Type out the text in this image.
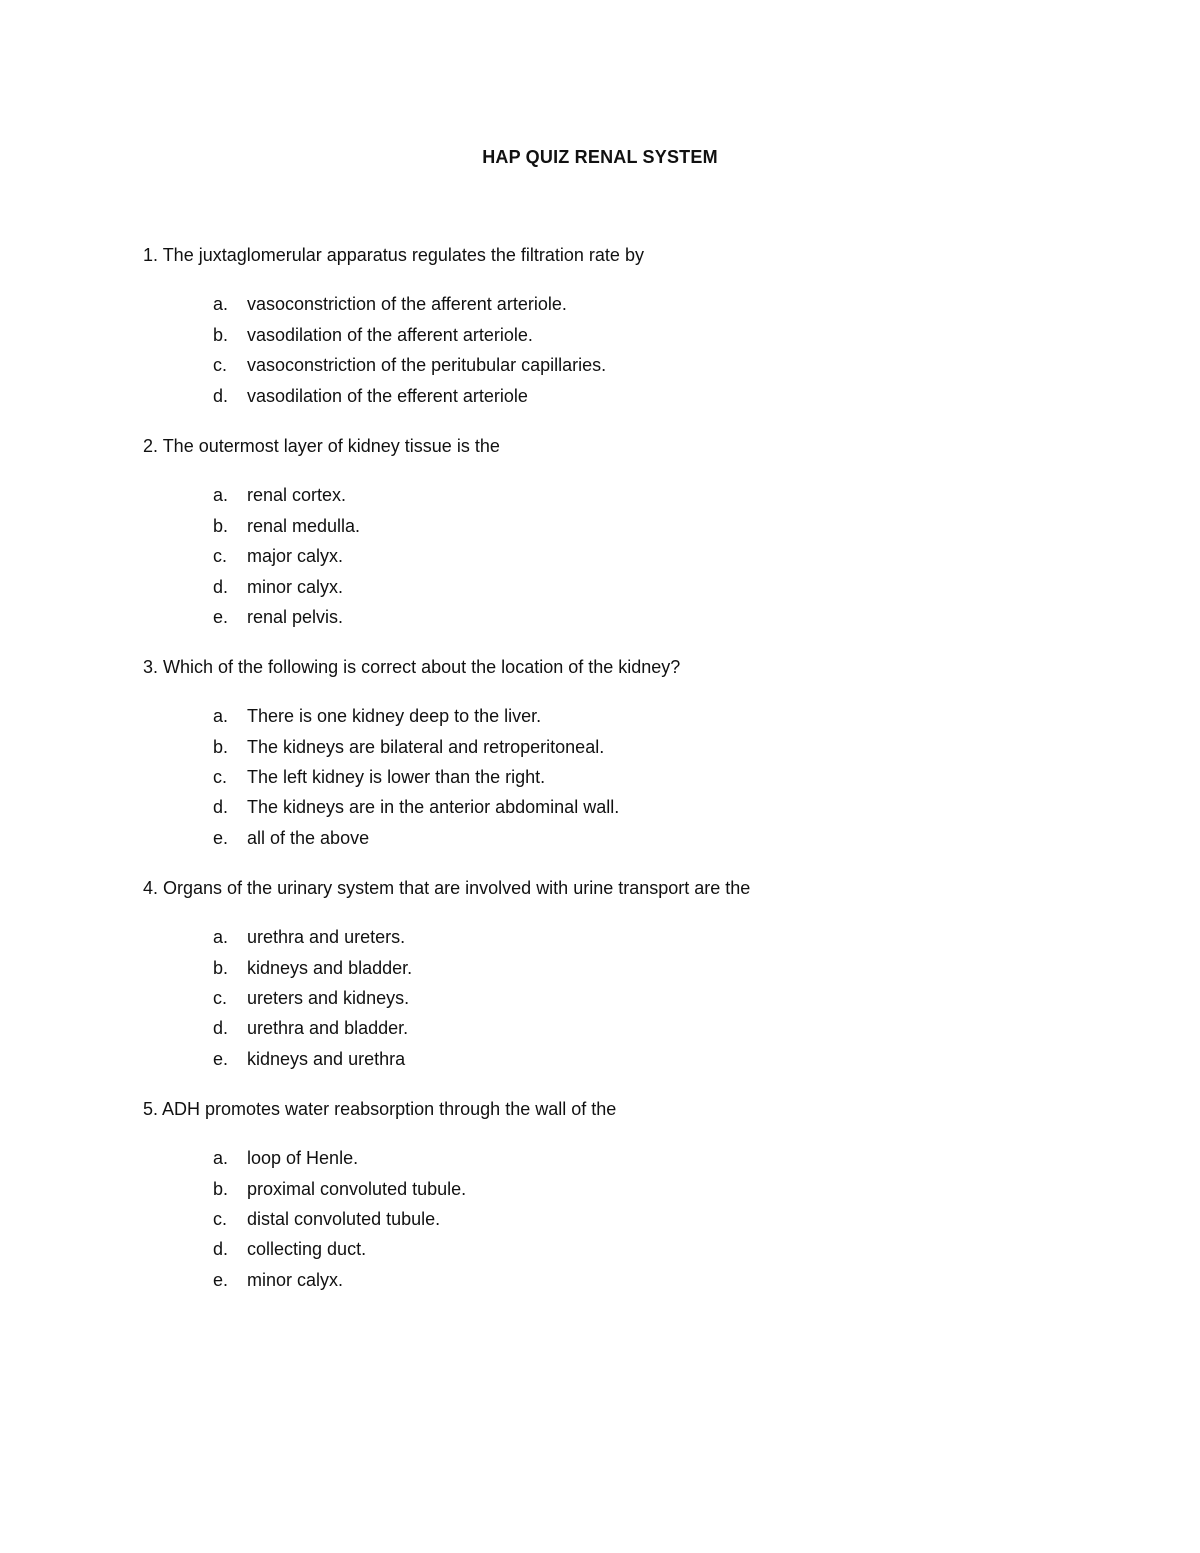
HAP QUIZ RENAL SYSTEM
1. The juxtaglomerular apparatus regulates the filtration rate by
a. vasoconstriction of the afferent arteriole.
b. vasodilation of the afferent arteriole.
c. vasoconstriction of the peritubular capillaries.
d. vasodilation of the efferent arteriole
2. The outermost layer of kidney tissue is the
a. renal cortex.
b. renal medulla.
c. major calyx.
d. minor calyx.
e. renal pelvis.
3. Which of the following is correct about the location of the kidney?
a. There is one kidney deep to the liver.
b. The kidneys are bilateral and retroperitoneal.
c. The left kidney is lower than the right.
d. The kidneys are in the anterior abdominal wall.
e. all of the above
4. Organs of the urinary system that are involved with urine transport are the
a. urethra and ureters.
b. kidneys and bladder.
c. ureters and kidneys.
d. urethra and bladder.
e. kidneys and urethra
5. ADH promotes water reabsorption through the wall of the
a. loop of Henle.
b. proximal convoluted tubule.
c. distal convoluted tubule.
d. collecting duct.
e. minor calyx.
